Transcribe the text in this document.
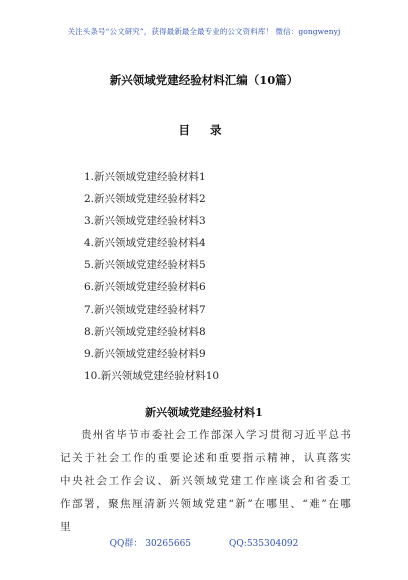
关注头条号“公文研究”，获得最新最全最专业的公文资料库！ 微信：gongwenyj
新兴领域党建经验材料汇编（10篇）
目 录
1.新兴领域党建经验材料1
2.新兴领域党建经验材料2
3.新兴领域党建经验材料3
4.新兴领域党建经验材料4
5.新兴领域党建经验材料5
6.新兴领域党建经验材料6
7.新兴领域党建经验材料7
8.新兴领域党建经验材料8
9.新兴领域党建经验材料9
10.新兴领域党建经验材料10
新兴领域党建经验材料1

贵州省毕节市委社会工作部深入学习贯彻习近平总书记关于社会工作的重要论述和重要指示精神，认真落实中央社会工作会议、新兴领域党建工作座谈会和省委工作部署，聚焦厘清新兴领域党建“新”在哪里、“难”在哪里

QQ群： 30265665	QQ:535304092
